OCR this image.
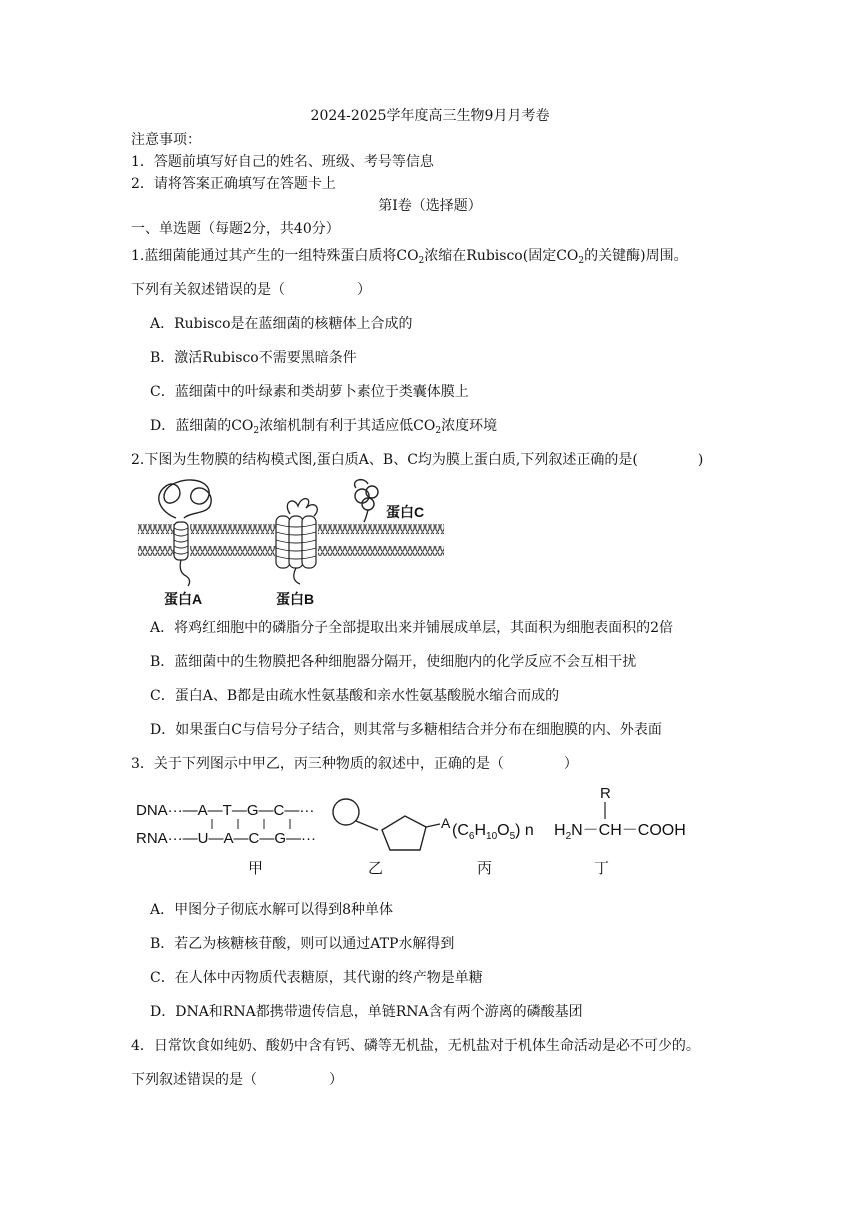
2024-2025学年度高三生物9月月考卷
注意事项：
1．答题前填写好自己的姓名、班级、考号等信息
2．请将答案正确填写在答题卡上
第I卷（选择题）
一、单选题（每题2分，共40分）
1.蓝细菌能通过其产生的一组特殊蛋白质将$CO_2$浓缩在Rubisco(固定$CO_2$的关键酶)周围。
下列有关叙述错误的是（	）
A．Rubisco是在蓝细菌的核糖体上合成的
B．激活Rubisco不需要黑暗条件
C．蓝细菌中的叶绿素和类胡萝卜素位于类囊体膜上
D．蓝细菌的$CO_2$浓缩机制有利于其适应低$CO_2$浓度环境
2.下图为生物膜的结构模式图,蛋白质A、B、C均为膜上蛋白质,下列叙述正确的是(	)
蛋白C
蛋白A	蛋白B
A．将鸡红细胞中的磷脂分子全部提取出来并铺展成单层，其面积为细胞表面积的2倍
B．蓝细菌中的生物膜把各种细胞器分隔开，使细胞内的化学反应不会互相干扰
C．蛋白A、B都是由疏水性氨基酸和亲水性氨基酸脱水缩合而成的
D．如果蛋白C与信号分子结合，则其常与多糖相结合并分布在细胞膜的内、外表面
3．关于下列图示中甲乙，丙三种物质的叙述中，正确的是（	）
DNA···—A—T—G—C—···
RNA···—U—A—C—G—···
A $(C_6H_{10}O_5)$ n
R
$H_2N-CH-COOH$
甲	乙	丙	丁
A．甲图分子彻底水解可以得到8种单体
B．若乙为核糖核苷酸，则可以通过ATP水解得到
C．在人体中丙物质代表糖原，其代谢的终产物是单糖
D．DNA和RNA都携带遗传信息，单链RNA含有两个游离的磷酸基团
4．日常饮食如纯奶、酸奶中含有钙、磷等无机盐，无机盐对于机体生命活动是必不可少的。
下列叙述错误的是（	）
